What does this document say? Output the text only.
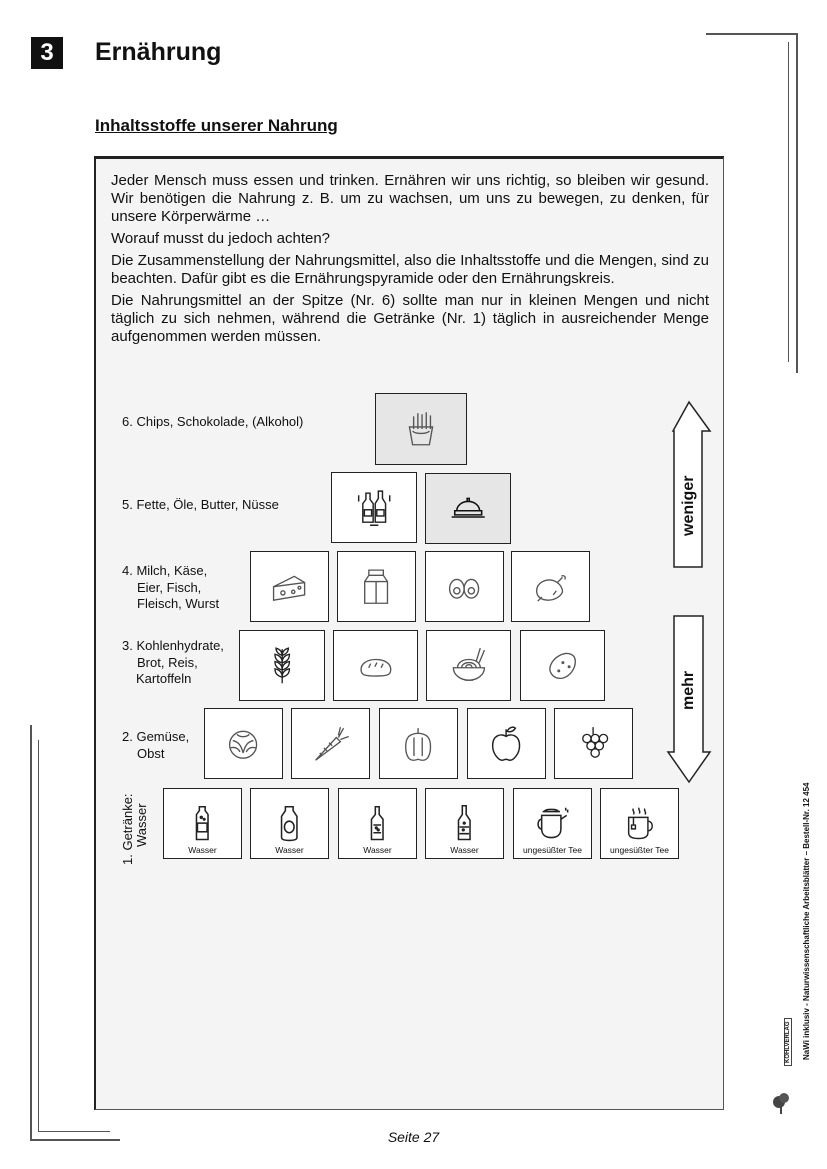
3	Ernährung
Inhaltsstoffe unserer Nahrung

Jeder Mensch muss essen und trinken. Ernähren wir uns richtig, so bleiben wir gesund. Wir benötigen die Nahrung z. B. um zu wachsen, um uns zu bewegen, zu denken, für unsere Körperwärme …

Worauf musst du jedoch achten?

Die Zusammenstellung der Nahrungsmittel, also die Inhaltsstoffe und die Mengen, sind zu beachten. Dafür gibt es die Ernährungspyramide oder den Ernährungskreis.

Die Nahrungsmittel an der Spitze (Nr. 6) sollte man nur in kleinen Mengen und nicht täglich zu sich nehmen, während die Getränke (Nr. 1) täglich in ausreichender Menge aufgenommen werden müssen.

6. Chips, Schokolade, (Alkohol)
5. Fette, Öle, Butter, Nüsse
4. Milch, Käse,
Eier, Fisch,
Fleisch, Wurst
3. Kohlenhydrate,
Brot, Reis,
Kartoffeln
2. Gemüse,
Obst
1. Getränke: Wasser
Wasser	Wasser	Wasser	Wasser	ungesüßter Tee	ungesüßter Tee
weniger
mehr
NaWi inklusiv - Naturwissenschaftliche Arbeitsblätter – Bestell-Nr. 12 454
KOHLVERLAG
Seite 27
